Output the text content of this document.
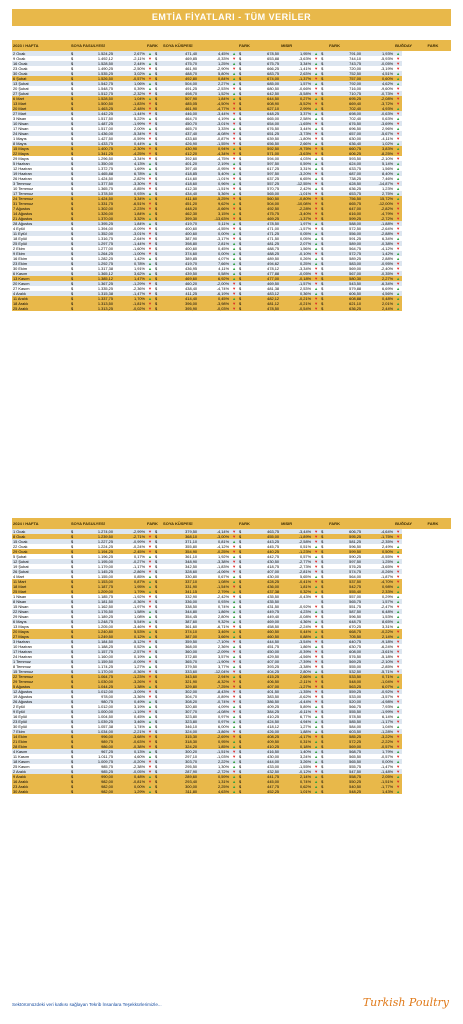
EMTİA FİYATLARI - TÜM VERİLER
2023 / HAFTA	SOYA FASULYESİ			FARK		SOYA KÜSPESİ			FARK		MISIR			FARK		BUĞDAY	FARK
2 Ocak	$	1.524,25	2,67%	▲	$	471,40	4,45%	▲	$	678,50	1,95%	▲	$	791,00	1,93%	▲	
9 Ocak	$	1.492,12	-2,11%	▼	$	469,85	-0,33%	▼	$	653,88	-3,63%	▼	$	744,10	-5,93%	▼	
16 Ocak	$	1.528,50	2,44%	▲	$	475,70	1,25%	▲	$	675,75	3,34%	▲	$	743,75	-0,05%	▼	
23 Ocak	$	1.490,25	-2,50%	▼	$	461,90	-2,90%	▼	$	666,25	-1,41%	▼	$	720,00	-3,19%	▼	
30 Ocak	$	1.535,25	3,02%	▲	$	488,70	5,80%	▲	$	683,75	2,63%	▲	$	752,50	4,51%	▲	
6 Şubat	$	1.526,50	-0,57%	▼	$	492,80	0,84%	▲	$	674,00	-1,37%	▼	$	757,00	0,60%	▲	
13 Şubat	$	1.542,75	1,06%	▲	$	504,00	2,27%	▲	$	685,00	1,57%	▲	$	792,00	4,62%	▲	
20 Şubat	$	1.548,75	0,39%	▲	$	491,25	-2,53%	▼	$	680,50	-0,66%	▼	$	716,00	-9,60%	▼	
27 Şubat	$	1.512,75	-2,32%	▼	$	498,70	1,52%	▲	$	642,50	-5,58%	▼	$	710,75	-0,73%	▼	
6 Mart	$	1.528,50	1,04%	▲	$	507,90	1,84%	▲	$	644,50	0,27%	▲	$	695,25	-2,08%	▼	
13 Mart	$	1.500,50	-1,83%	▼	$	485,05	-4,50%	▼	$	608,90	-5,52%	▼	$	669,40	-3,72%	▼	
20 Mart	$	1.463,25	-2,48%	▼	$	461,90	-4,77%	▼	$	627,10	2,99%	▲	$	702,40	4,93%	▲	
27 Mart	$	1.442,25	-1,44%	▼	$	446,00	-3,44%	▼	$	648,25	3,37%	▲	$	698,00	-0,63%	▼	
3 Nisan	$	1.517,50	5,22%	▲	$	464,70	4,19%	▲	$	665,00	2,58%	▲	$	702,40	0,63%	▲	
10 Nisan	$	1.487,25	-1,99%	▼	$	450,70	-3,01%	▼	$	654,00	-1,65%	▼	$	676,50	-3,69%	▼	
17 Nisan	$	1.517,00	2,00%	▲	$	465,70	3,33%	▲	$	676,50	3,44%	▲	$	696,50	2,96%	▲	
24 Nisan	$	1.436,00	-5,34%	▼	$	437,40	-6,08%	▼	$	651,25	-3,73%	▼	$	657,00	-5,67%	▼	
1 Mayıs	$	1.427,50	-0,59%	▼	$	433,60	-0,87%	▼	$	639,50	-1,80%	▼	$	630,00	-4,11%	▼	
8 Mayıs	$	1.433,75	0,44%	▲	$	426,90	-1,55%	▼	$	656,50	2,66%	▲	$	636,40	1,02%	▲	
15 Mayıs	$	1.400,75	-2,30%	▼	$	430,90	0,94%	▲	$	592,50	-9,75%	▼	$	660,75	3,83%	▲	
22 Mayıs	$	1.341,25	-4,25%	▼	$	412,20	-4,34%	▼	$	571,00	-3,63%	▼	$	606,25	-8,25%	▼	
29 Mayıs	$	1.296,50	-3,34%	▼	$	392,60	-4,75%	▼	$	594,00	4,03%	▲	$	593,50	-2,10%	▼	
5 Haziran	$	1.350,00	4,13%	▲	$	401,20	2,19%	▲	$	597,50	0,59%	▲	$	624,00	5,14%	▲	
12 Haziran	$	1.372,75	1,69%	▲	$	397,40	-0,95%	▼	$	617,25	3,31%	▲	$	633,75	1,56%	▲	
19 Haziran	$	1.465,88	6,78%	▲	$	418,85	5,40%	▲	$	597,50	-3,20%	▼	$	687,00	8,40%	▲	
26 Haziran	$	1.424,50	-2,82%	▼	$	414,60	-1,01%	▼	$	637,25	6,65%	▲	$	738,25	7,46%	▲	
3 Temmuz	$	1.377,50	-3,30%	▼	$	418,60	0,96%	▲	$	557,25	-12,55%	▼	$	628,50	-14,87%	▼	
10 Temmuz	$	1.365,75	-0,85%	▼	$	412,30	-1,51%	▼	$	570,75	2,42%	▲	$	636,25	1,23%	▲	
17 Temmuz	$	1.378,50	0,93%	▲	$	434,40	5,36%	▲	$	565,00	-1,01%	▼	$	653,75	2,75%	▲	
24 Temmuz	$	1.424,50	3,34%	▲	$	411,60	-5,25%	▼	$	560,50	-0,80%	▼	$	756,50	15,72%	▲	
31 Temmuz	$	1.331,75	-6,51%	▼	$	451,20	9,62%	▲	$	504,00	-10,08%	▼	$	665,75	-12,00%	▼	
7 Ağustos	$	1.302,00	-2,23%	▼	$	448,20	-0,66%	▼	$	492,50	-2,28%	▼	$	647,00	-2,82%	▼	
14 Ağustos	$	1.326,00	1,84%	▲	$	462,30	3,15%	▲	$	475,75	-3,40%	▼	$	616,00	-4,79%	▼	
21 Ağustos	$	1.370,00	3,32%	▲	$	399,30	-13,63%	▼	$	469,25	-1,37%	▼	$	599,25	-2,72%	▼	
28 Ağustos	$	1.395,25	1,84%	▲	$	419,70	5,11%	▲	$	478,50	1,97%	▲	$	588,00	-1,88%	▼	
4 Eylül	$	1.394,00	-0,09%	▼	$	400,60	-4,55%	▼	$	471,00	-1,57%	▼	$	572,50	-2,64%	▼	
11 Eylül	$	1.352,00	-3,01%	▼	$	400,60	0,00%	▲	$	471,25	0,05%	▲	$	556,00	-2,88%	▼	
18 Eylül	$	1.316,75	-2,64%	▼	$	387,90	-3,17%	▼	$	471,50	0,05%	▲	$	591,25	6,34%	▲	
25 Eylül	$	1.297,75	-1,44%	▼	$	398,80	2,81%	▲	$	481,25	2,07%	▲	$	589,00	-0,38%	▼	
2 Ekim	$	1.277,00	-1,60%	▼	$	400,60	0,45%	▲	$	488,75	1,56%	▲	$	564,75	-4,12%	▼	
9 Ekim	$	1.264,25	-1,00%	▼	$	374,60	0,00%	▲	$	488,25	-0,10%	▼	$	572,75	1,42%	▲	
16 Ekim	$	1.282,25	1,42%	▲	$	389,85	4,07%	▲	$	489,50	0,26%	▲	$	589,25	2,88%	▲	
23 Ekim	$	1.292,75	0,78%	▲	$	419,70	7,66%	▲	$	494,62	0,25%	▲	$	583,00	-0,95%	▼	
30 Ekim	$	1.317,38	1,91%	▲	$	436,95	4,11%	▲	$	478,12	-3,34%	▼	$	569,00	-2,40%	▼	
6 Kasım	$	1.365,12	3,62%	▲	$	439,50	0,58%	▲	$	477,88	-0,05%	▼	$	567,00	-0,35%	▼	
13 Kasım	$	1.385,12	1,47%	▲	$	469,60	6,92%	▲	$	477,00	-0,18%	▼	$	580,30	2,27%	▲	
20 Kasım	$	1.367,25	-1,29%	▼	$	460,20	-2,00%	▼	$	469,50	-1,57%	▼	$	543,50	-6,34%	▼	
27 Kasım	$	1.335,25	-2,36%	▼	$	438,40	-4,74%	▼	$	481,38	2,53%	▲	$	579,88	6,69%	▲	
4 Aralık	$	1.315,38	-1,47%	▼	$	411,25	-6,19%	▼	$	483,12	0,36%	▲	$	606,50	4,56%	▲	
11 Aralık	$	1.337,75	1,70%	▲	$	414,40	0,45%	▲	$	482,12	-0,21%	▼	$	608,88	0,48%	▲	
18 Aralık	$	1.313,50	-1,81%	▼	$	396,00	-3,98%	▼	$	481,12	-0,21%	▼	$	621,10	2,01%	▲	
25 Aralık	$	1.313,25	-0,02%	▼	$	395,90	-0,03%	▼	$	478,50	-0,54%	▼	$	636,25	2,44%	▲	
2024 / HAFTA	SOYA FASULYESİ			FARK		SOYA KÜSPESİ			FARK		MISIR			FARK		BUĞDAY	FARK
1 Ocak	$	1.274,00	-2,99%	▼	$	379,50	-4,14%	▼	$	463,75	-3,44%	▼	$	606,75	-4,64%	▼	
8 Ocak	$	1.239,50	-2,71%	▼	$	368,10	-3,00%	▼	$	455,00	-1,89%	▼	$	595,25	-1,75%	▼	
15 Ocak	$	1.227,25	-0,99%	▼	$	371,10	0,81%	▲	$	443,25	-2,58%	▼	$	581,25	-2,35%	▼	
22 Ocak	$	1.224,25	-0,24%	▼	$	355,80	-4,12%	▼	$	445,75	0,51%	▲	$	596,50	2,49%	▲	
29 Ocak	$	1.194,25	-2,45%	▼	$	354,90	-0,25%	▼	$	440,25	-1,23%	▼	$	599,50	0,50%	▲	
5 Şubat	$	1.196,25	0,17%	▲	$	361,10	1,92%	▲	$	442,75	0,57%	▲	$	590,25	-0,55%	▼	
12 Şubat	$	1.195,00	-0,27%	▼	$	348,90	-3,38%	▼	$	430,50	-2,77%	▼	$	597,50	1,25%	▲	
19 Şubat	$	1.179,00	-1,17%	▼	$	342,50	-1,83%	▼	$	418,75	-2,73%	▼	$	576,25	-3,65%	▼	
26 Şubat	$	1.145,25	-2,86%	▼	$	328,60	-4,06%	▼	$	407,00	-2,81%	▼	$	574,75	-0,26%	▼	
4 Mart	$	1.155,00	0,85%	▲	$	330,80	0,67%	▲	$	430,00	5,65%	▲	$	564,00	-1,87%	▼	
11 Mart	$	1.153,00	0,87%	▲	$	337,10	1,08%	▲	$	428,25	-0,41%	▼	$	537,50	-4,70%	▼	
18 Mart	$	1.187,75	1,95%	▲	$	331,90	-1,54%	▼	$	436,00	1,81%	▲	$	542,75	0,98%	▲	
25 Mart	$	1.209,00	1,79%	▲	$	341,15	2,79%	▲	$	437,38	0,32%	▲	$	555,40	2,33%	▲	
1 Nisan	$	1.185,75	-1,92%	▼	$	332,90	-2,42%	▼	$	435,50	-0,43%	▼	$	557,00	0,29%	▲	
8 Nisan	$	1.181,50	-0,36%	▼	$	336,00	0,93%	▲	$	435,50			$	565,75	1,57%	▲	
15 Nisan	$	1.162,50	-1,97%	▼	$	338,50	0,74%	▲	$	431,50	-0,92%	▼	$	551,75	-2,47%	▼	
22 Nisan	$	1.176,50	1,58%	▲	$	344,80	1,86%	▲	$	449,75	4,23%	▲	$	587,50	6,48%	▲	
29 Nisan	$	1.189,25	1,08%	▲	$	354,45	2,80%	▲	$	449,40	-0,08%	▼	$	596,50	1,53%	▲	
6 Mayıs	$	1.248,75	5,54%	▲	$	387,60	9,32%	▲	$	469,00	4,36%	▲	$	648,75	8,65%	▲	
13 Mayıs	$	1.205,00	-3,46%	▼	$	361,60	-6,71%	▼	$	458,50	-2,24%	▼	$	670,25	3,31%	▲	
20 Mayıs	$	1.240,80	5,53%	▲	$	374,10	3,46%	▲	$	460,50	0,44%	▲	$	668,75	-0,22%	▼	
27 Mayıs	$	1.249,50	0,12%	▲	$	387,00	3,66%	▲	$	460,50	0,88%	▲	$	705,50	2,14%	▲	
3 Haziran	$	1.184,50	-5,12%	▼	$	359,50	-7,10%	▼	$	444,50	-3,54%	▼	$	640,75	-9,18%	▼	
10 Haziran	$	1.188,25	0,52%	▲	$	368,00	2,36%	▲	$	451,75	1,86%	▲	$	630,75	-6,24%	▼	
17 Haziran	$	1.157,75	-2,57%	▼	$	360,00	-2,09%	▼	$	450,00	-0,39%	▼	$	608,00	-3,61%	▼	
24 Haziran	$	1.160,00	0,19%	▲	$	372,80	3,57%	▲	$	429,50	-4,56%	▼	$	576,50	-5,18%	▼	
1 Temmuz	$	1.159,50	-0,09%	▼	$	365,70	-1,90%	▼	$	407,00	-7,39%	▼	$	569,25	-2,10%	▼	
8 Temmuz	$	1.174,25	1,27%	▲	$	379,50	3,77%	▲	$	393,25	-3,38%	▼	$	555,00	-2,85%	▼	
15 Temmuz	$	1.170,00	-0,36%	▼	$	333,60	-12,04%	▼	$	404,25	2,80%	▲	$	532,50	-5,71%	▼	
22 Temmuz	$	1.064,75	-1,23%	▼	$	343,60	2,94%	▲	$	415,25	2,66%	▲	$	533,50	0,71%	▲	
29 Temmuz	$	1.030,00	-3,26%	▼	$	321,90	-6,32%	▼	$	406,50	-2,11%	▼	$	548,00	-1,04%	▼	
5 Ağustos	$	1.044,25	1,38%	▲	$	329,80	-7,25%	▼	$	407,00	-1,27%	▼	$	563,25	6,07%	▲	
12 Ağustos	$	1.012,00	-3,09%	▼	$	302,00	-8,43%	▼	$	401,50	-1,35%	▼	$	559,25	-0,92%	▼	
19 Ağustos	$	978,00	-3,36%	▼	$	304,70	-0,89%	▼	$	383,50	-0,62%	▼	$	533,00	-3,57%	▼	
26 Ağustos	$	980,75	0,49%	▲	$	308,20	-0,74%	▼	$	386,50	-4,44%	▼	$	520,00	-4,98%	▼	
2 Eylül	$	1.012,00	3,19%	▲	$	320,80	4,09%	▲	$	409,25	5,89%	▲	$	566,75	7,93%	▲	
9 Eylül	$	1.000,00	-1,19%	▼	$	307,70	-4,08%	▼	$	384,25	-6,11%	▼	$	555,50	-1,99%	▼	
16 Eylül	$	1.004,50	0,45%	▲	$	323,80	0,97%	▲	$	410,25	6,77%	▲	$	578,50	6,14%	▲	
23 Eylül	$	1.039,25	3,46%	▲	$	323,80	0,97%	▲	$	424,50	4,94%	▲	$	585,50	-1,17%	▼	
30 Eylül	$	1.057,38	1,74%	▲	$	346,10	6,00%	▲	$	418,12	1,27%	▲	$	584,00	1,04%	▲	
7 Ekim	$	1.034,00	-2,21%	▼	$	324,00	-3,86%	▼	$	426,00	1,88%	▲	$	603,50	-1,28%	▼	
14 Ekim	$	996,00	-3,68%	▼	$	315,30	-2,69%	▼	$	408,25	-4,17%	▼	$	585,25	-3,22%	▼	
21 Ekim	$	989,75	-0,63%	▼	$	318,30	0,95%	▲	$	409,50	0,31%	▲	$	572,25	-2,22%	▼	
28 Ekim	$	986,00	-0,38%	▼	$	324,20	1,85%	▲	$	410,25	0,18%	▲	$	569,00	-0,57%	▼	
4 Kasım	$	967,25	0,13%	▲	$	300,20	-1,51%	▼	$	416,50	1,40%	▲	$	568,75	1,79%	▲	
11 Kasım	$	1.011,75	4,60%	▲	$	297,10	-1,03%	▼	$	430,00	3,24%	▲	$	565,50	-0,57%	▼	
18 Kasım	$	1.009,75	-0,20%	▼	$	303,70	2,22%	▲	$	444,00	3,26%	▲	$	565,50	0,00%	▲	
25 Kasım	$	985,75	-2,38%	▼	$	295,50	1,30%	▲	$	433,00	-1,55%	▼	$	555,75	-1,47%	▼	
2 Aralık	$	985,25	-0,05%	▼	$	287,90	-2,72%	▼	$	432,50	-0,12%	▼	$	547,50	-1,48%	▼	
9 Aralık	$	990,00	0,48%	▲	$	289,60	0,59%	▲	$	441,75	2,14%	▲	$	558,75	2,05%	▲	
16 Aralık	$	982,00	-0,81%	▼	$	293,40	1,31%	▲	$	445,00	0,74%	▲	$	550,25	-1,51%	▼	
23 Aralık	$	982,00	0,00%	▲	$	300,00	2,25%	▲	$	447,75	0,62%	▲	$	540,50	-1,77%	▼	
30 Aralık	$	982,00	1,29%	▲	$	311,80	4,63%	▲	$	452,25	1,01%	▲	$	548,25	1,43%	▲	
Sektörümüzdeki veri katkısı sağlayan Tekrib İnsanlara Teşekkürlerimizle...	Turkish Poultry
